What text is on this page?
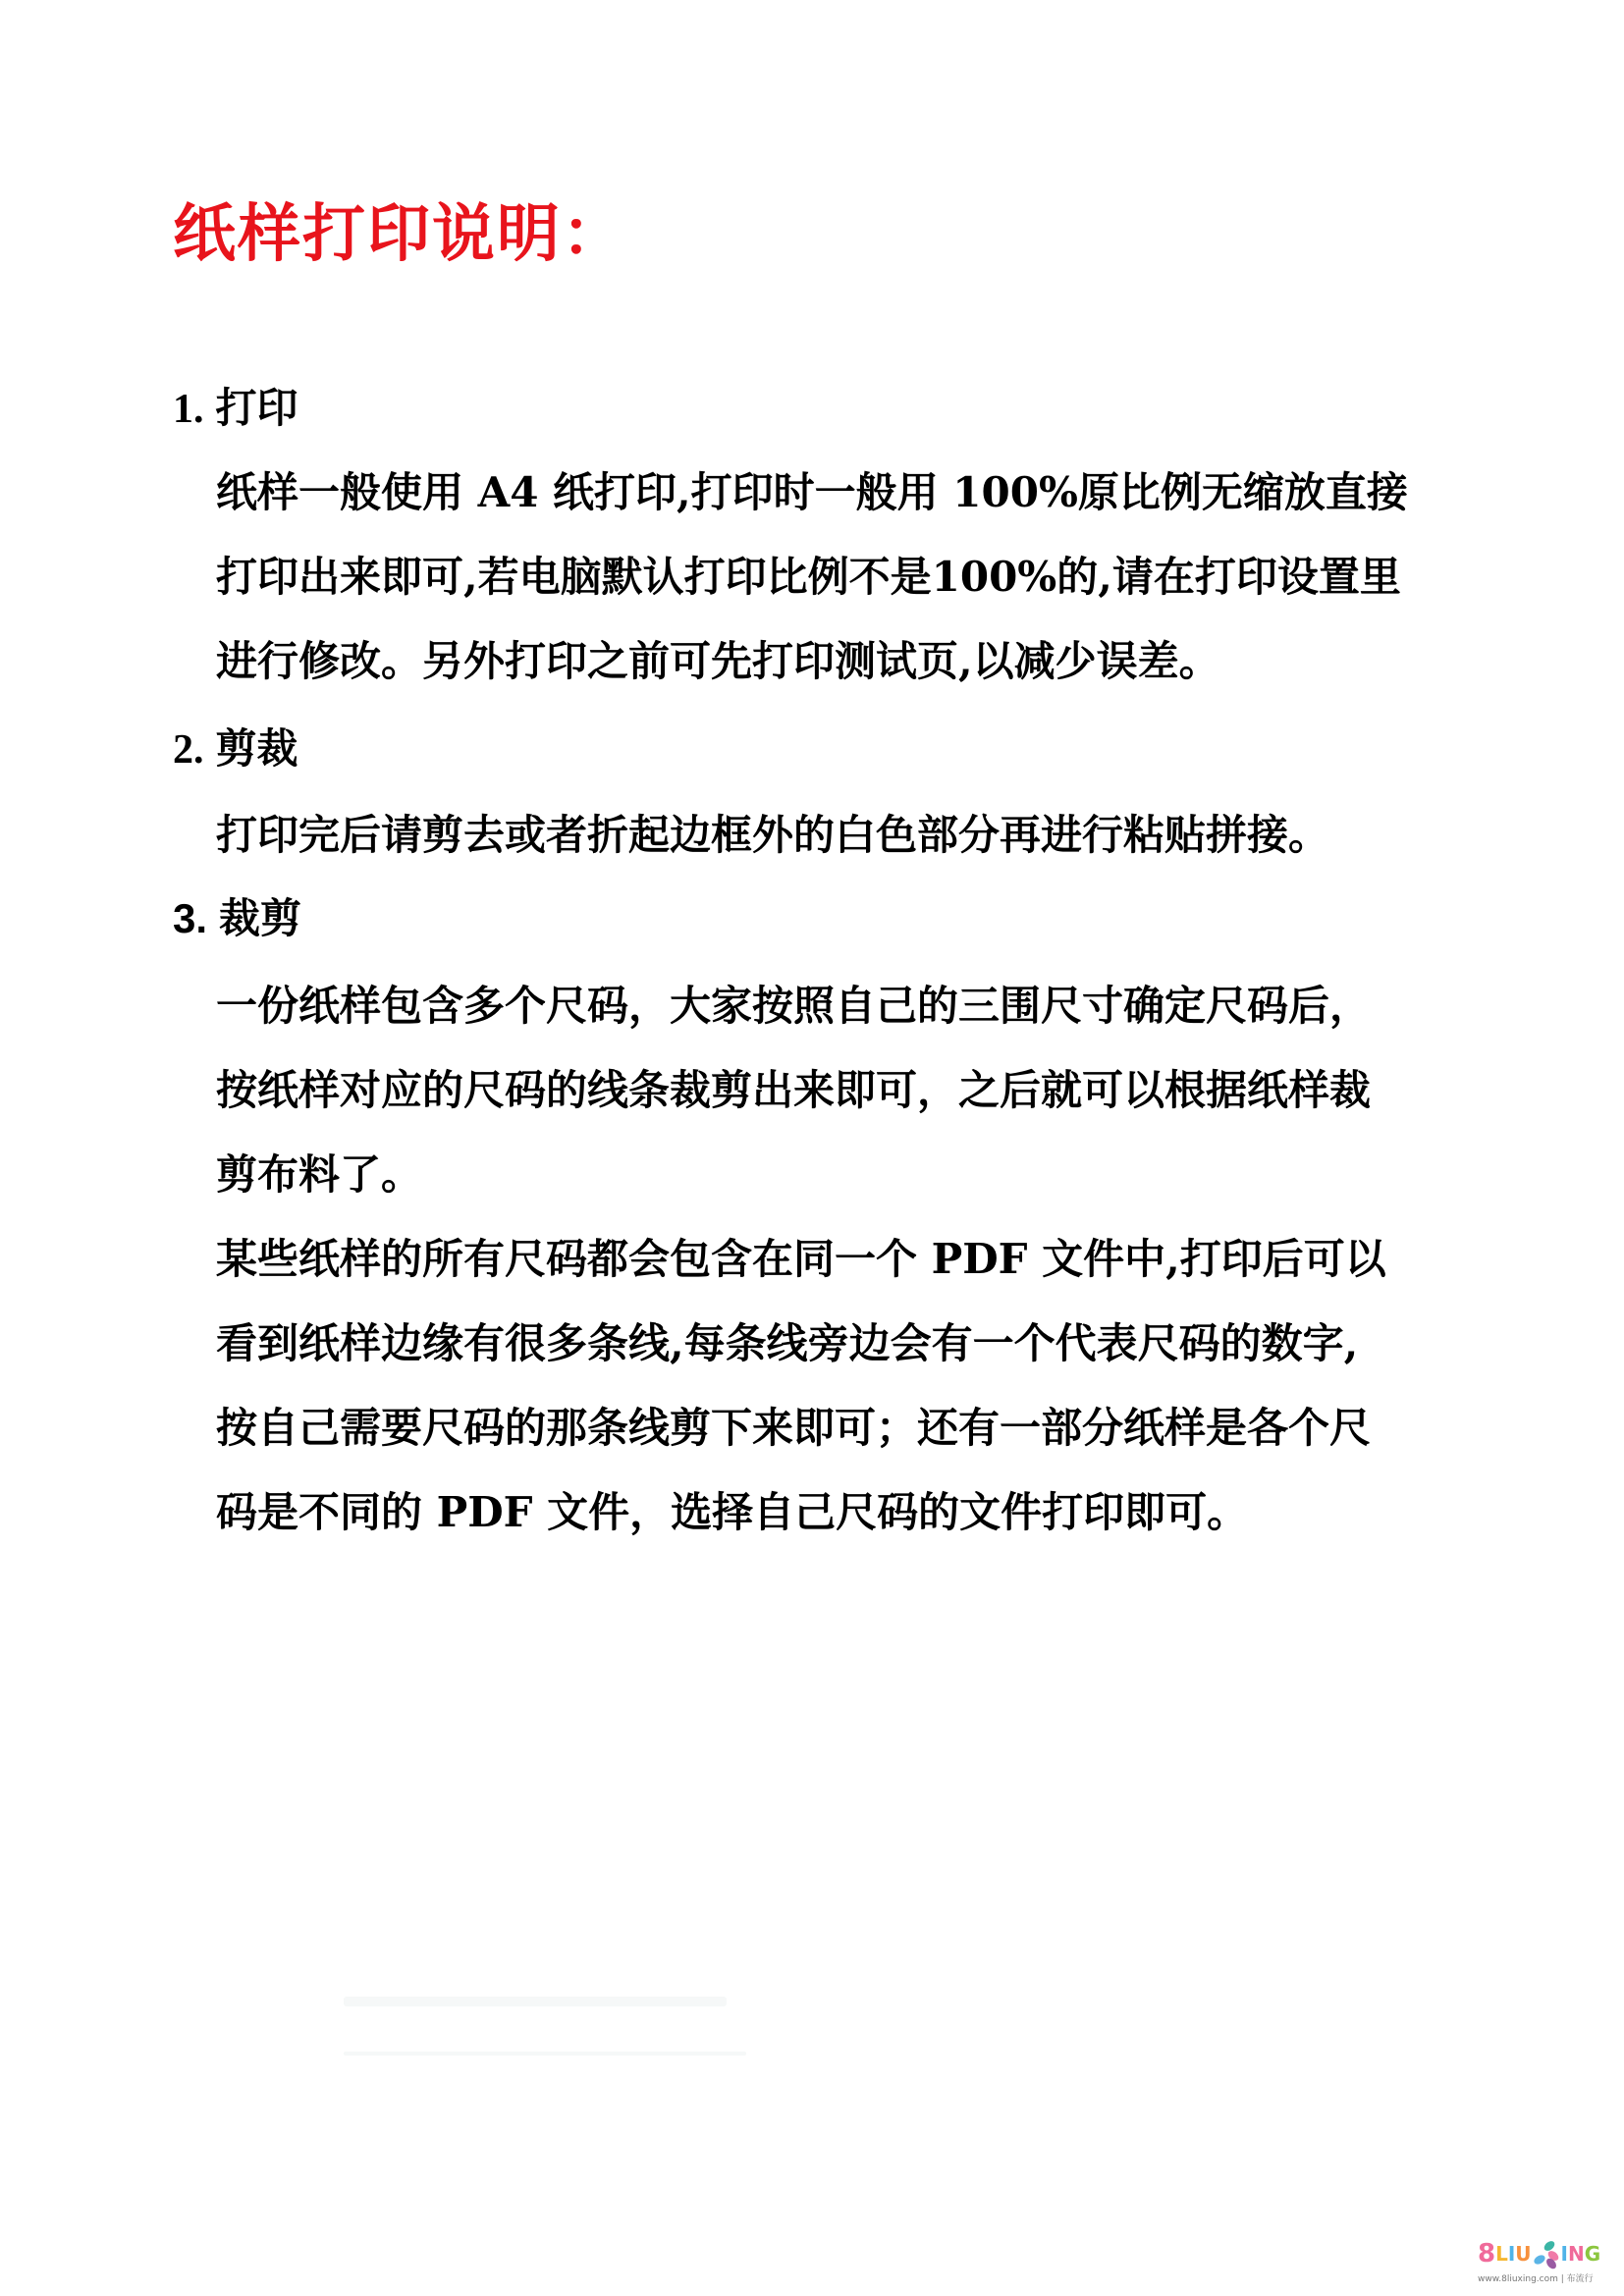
纸样打印说明：
1. 打印
纸样一般使用 A4 纸打印,打印时一般用 100%原比例无缩放直接
打印出来即可,若电脑默认打印比例不是100%的,请在打印设置里
进行修改。另外打印之前可先打印测试页,以减少误差。
2. 剪裁
打印完后请剪去或者折起边框外的白色部分再进行粘贴拼接。
3. 裁剪
一份纸样包含多个尺码，大家按照自己的三围尺寸确定尺码后，
按纸样对应的尺码的线条裁剪出来即可，之后就可以根据纸样裁
剪布料了。
某些纸样的所有尺码都会包含在同一个 PDF 文件中,打印后可以
看到纸样边缘有很多条线,每条线旁边会有一个代表尺码的数字,
按自己需要尺码的那条线剪下来即可；还有一部分纸样是各个尺
码是不同的 PDF 文件，选择自己尺码的文件打印即可。
8 L I U I N G
www.8liuxing.com | 布流行
